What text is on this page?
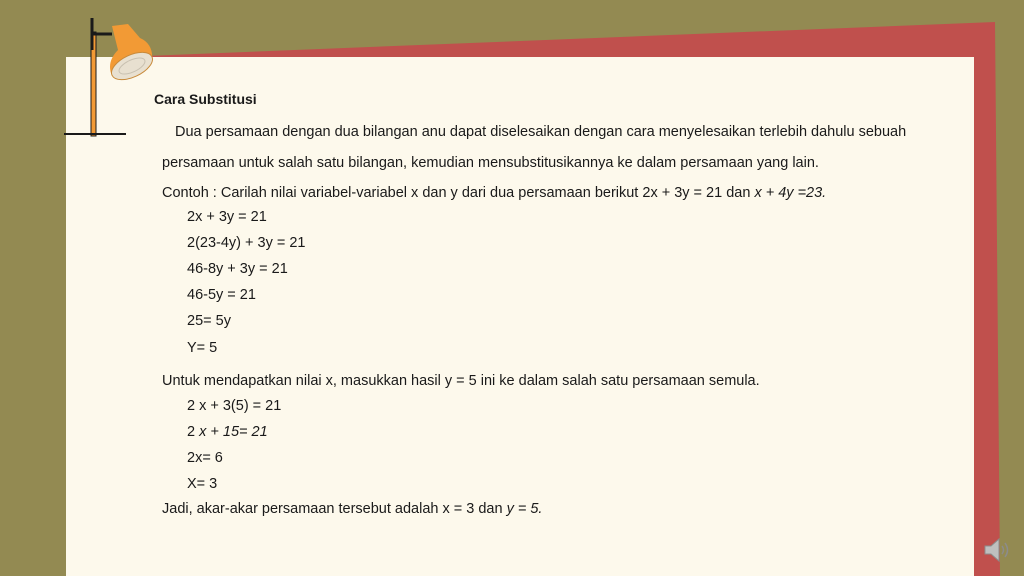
Cara Substitusi

Dua persamaan dengan dua bilangan anu dapat diselesaikan dengan cara menyelesaikan terlebih dahulu sebuah

persamaan untuk salah satu bilangan, kemudian mensubstitusikannya ke dalam persamaan yang lain.

Contoh : Carilah nilai variabel-variabel x dan y dari dua persamaan berikut 2x + 3y = 21 dan x + 4y =23.

2x + 3y = 21

2(23-4y) + 3y = 21

46-8y + 3y = 21

46-5y = 21

25= 5y

Y= 5

Untuk mendapatkan nilai x, masukkan hasil y = 5 ini ke dalam salah satu persamaan semula.

2 x + 3(5) = 21

2 x + 15= 21

2x= 6

X= 3

Jadi, akar-akar persamaan tersebut adalah x = 3 dan y = 5.
